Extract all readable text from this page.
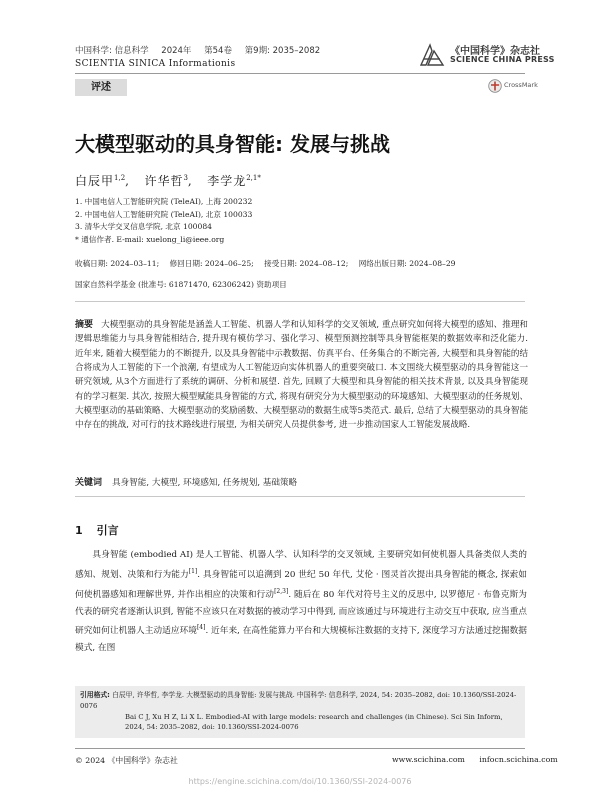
中国科学: 信息科学 2024年 第54卷 第9期: 2035–2082
SCIENTIA SINICA Informationis
评述
《中国科学》杂志社
SCIENCE CHINA PRESS
CrossMark
大模型驱动的具身智能: 发展与挑战
白辰甲$^{1,2}$,   许华哲$^3$,   李学龙$^{2,1*}$
1. 中国电信人工智能研究院 (TeleAI), 上海 200232
2. 中国电信人工智能研究院 (TeleAI), 北京 100033
3. 清华大学交叉信息学院, 北京 100084
* 通信作者. E-mail: xuelong_li@ieee.org
收稿日期: 2024–03–11; 修回日期: 2024–06–25; 接受日期: 2024–08–12; 网络出版日期: 2024–08–29
国家自然科学基金 (批准号: 61871470, 62306242) 资助项目
摘要 大模型驱动的具身智能是涵盖人工智能、机器人学和认知科学的交叉领域, 重点研究如何将大模型的感知、推理和逻辑思维能力与具身智能相结合, 提升现有模仿学习、强化学习、模型预测控制等具身智能框架的数据效率和泛化能力. 近年来, 随着大模型能力的不断提升, 以及具身智能中示教数据、仿真平台、任务集合的不断完善, 大模型和具身智能的结合将成为人工智能的下一个浪潮, 有望成为人工智能迈向实体机器人的重要突破口. 本文围绕大模型驱动的具身智能这一研究领域, 从3个方面进行了系统的调研、分析和展望. 首先, 回顾了大模型和具身智能的相关技术背景, 以及具身智能现有的学习框架. 其次, 按照大模型赋能具身智能的方式, 将现有研究分为大模型驱动的环境感知、大模型驱动的任务规划、大模型驱动的基础策略、大模型驱动的奖励函数、大模型驱动的数据生成等5类范式. 最后, 总结了大模型驱动的具身智能中存在的挑战, 对可行的技术路线进行展望, 为相关研究人员提供参考, 进一步推动国家人工智能发展战略.
关键词 具身智能, 大模型, 环境感知, 任务规划, 基础策略
1 引言

具身智能 (embodied AI) 是人工智能、机器人学、认知科学的交叉领域, 主要研究如何使机器人具备类似人类的感知、规划、决策和行为能力[1]. 具身智能可以追溯到 20 世纪 50 年代, 艾伦 · 图灵首次提出具身智能的概念, 探索如何使机器感知和理解世界, 并作出相应的决策和行动[2,3]. 随后在 80 年代对符号主义的反思中, 以罗德尼 · 布鲁克斯为代表的研究者逐渐认识到, 智能不应该只在对数据的被动学习中得到, 而应该通过与环境进行主动交互中获取, 应当重点研究如何让机器人主动适应环境[4]. 近年来, 在高性能算力平台和大规模标注数据的支持下, 深度学习方法通过挖掘数据模式, 在图

引用格式: 白辰甲, 许华哲, 李学龙. 大模型驱动的具身智能: 发展与挑战. 中国科学: 信息科学, 2024, 54: 2035–2082, doi: 10.1360/SSI-2024-0076
Bai C J, Xu H Z, Li X L. Embodied-AI with large models: research and challenges (in Chinese). Sci Sin Inform, 2024, 54: 2035–2082, doi: 10.1360/SSI-2024-0076
© 2024 《中国科学》杂志社	www.scichina.com infocn.scichina.com
https://engine.scichina.com/doi/10.1360/SSI-2024-0076
